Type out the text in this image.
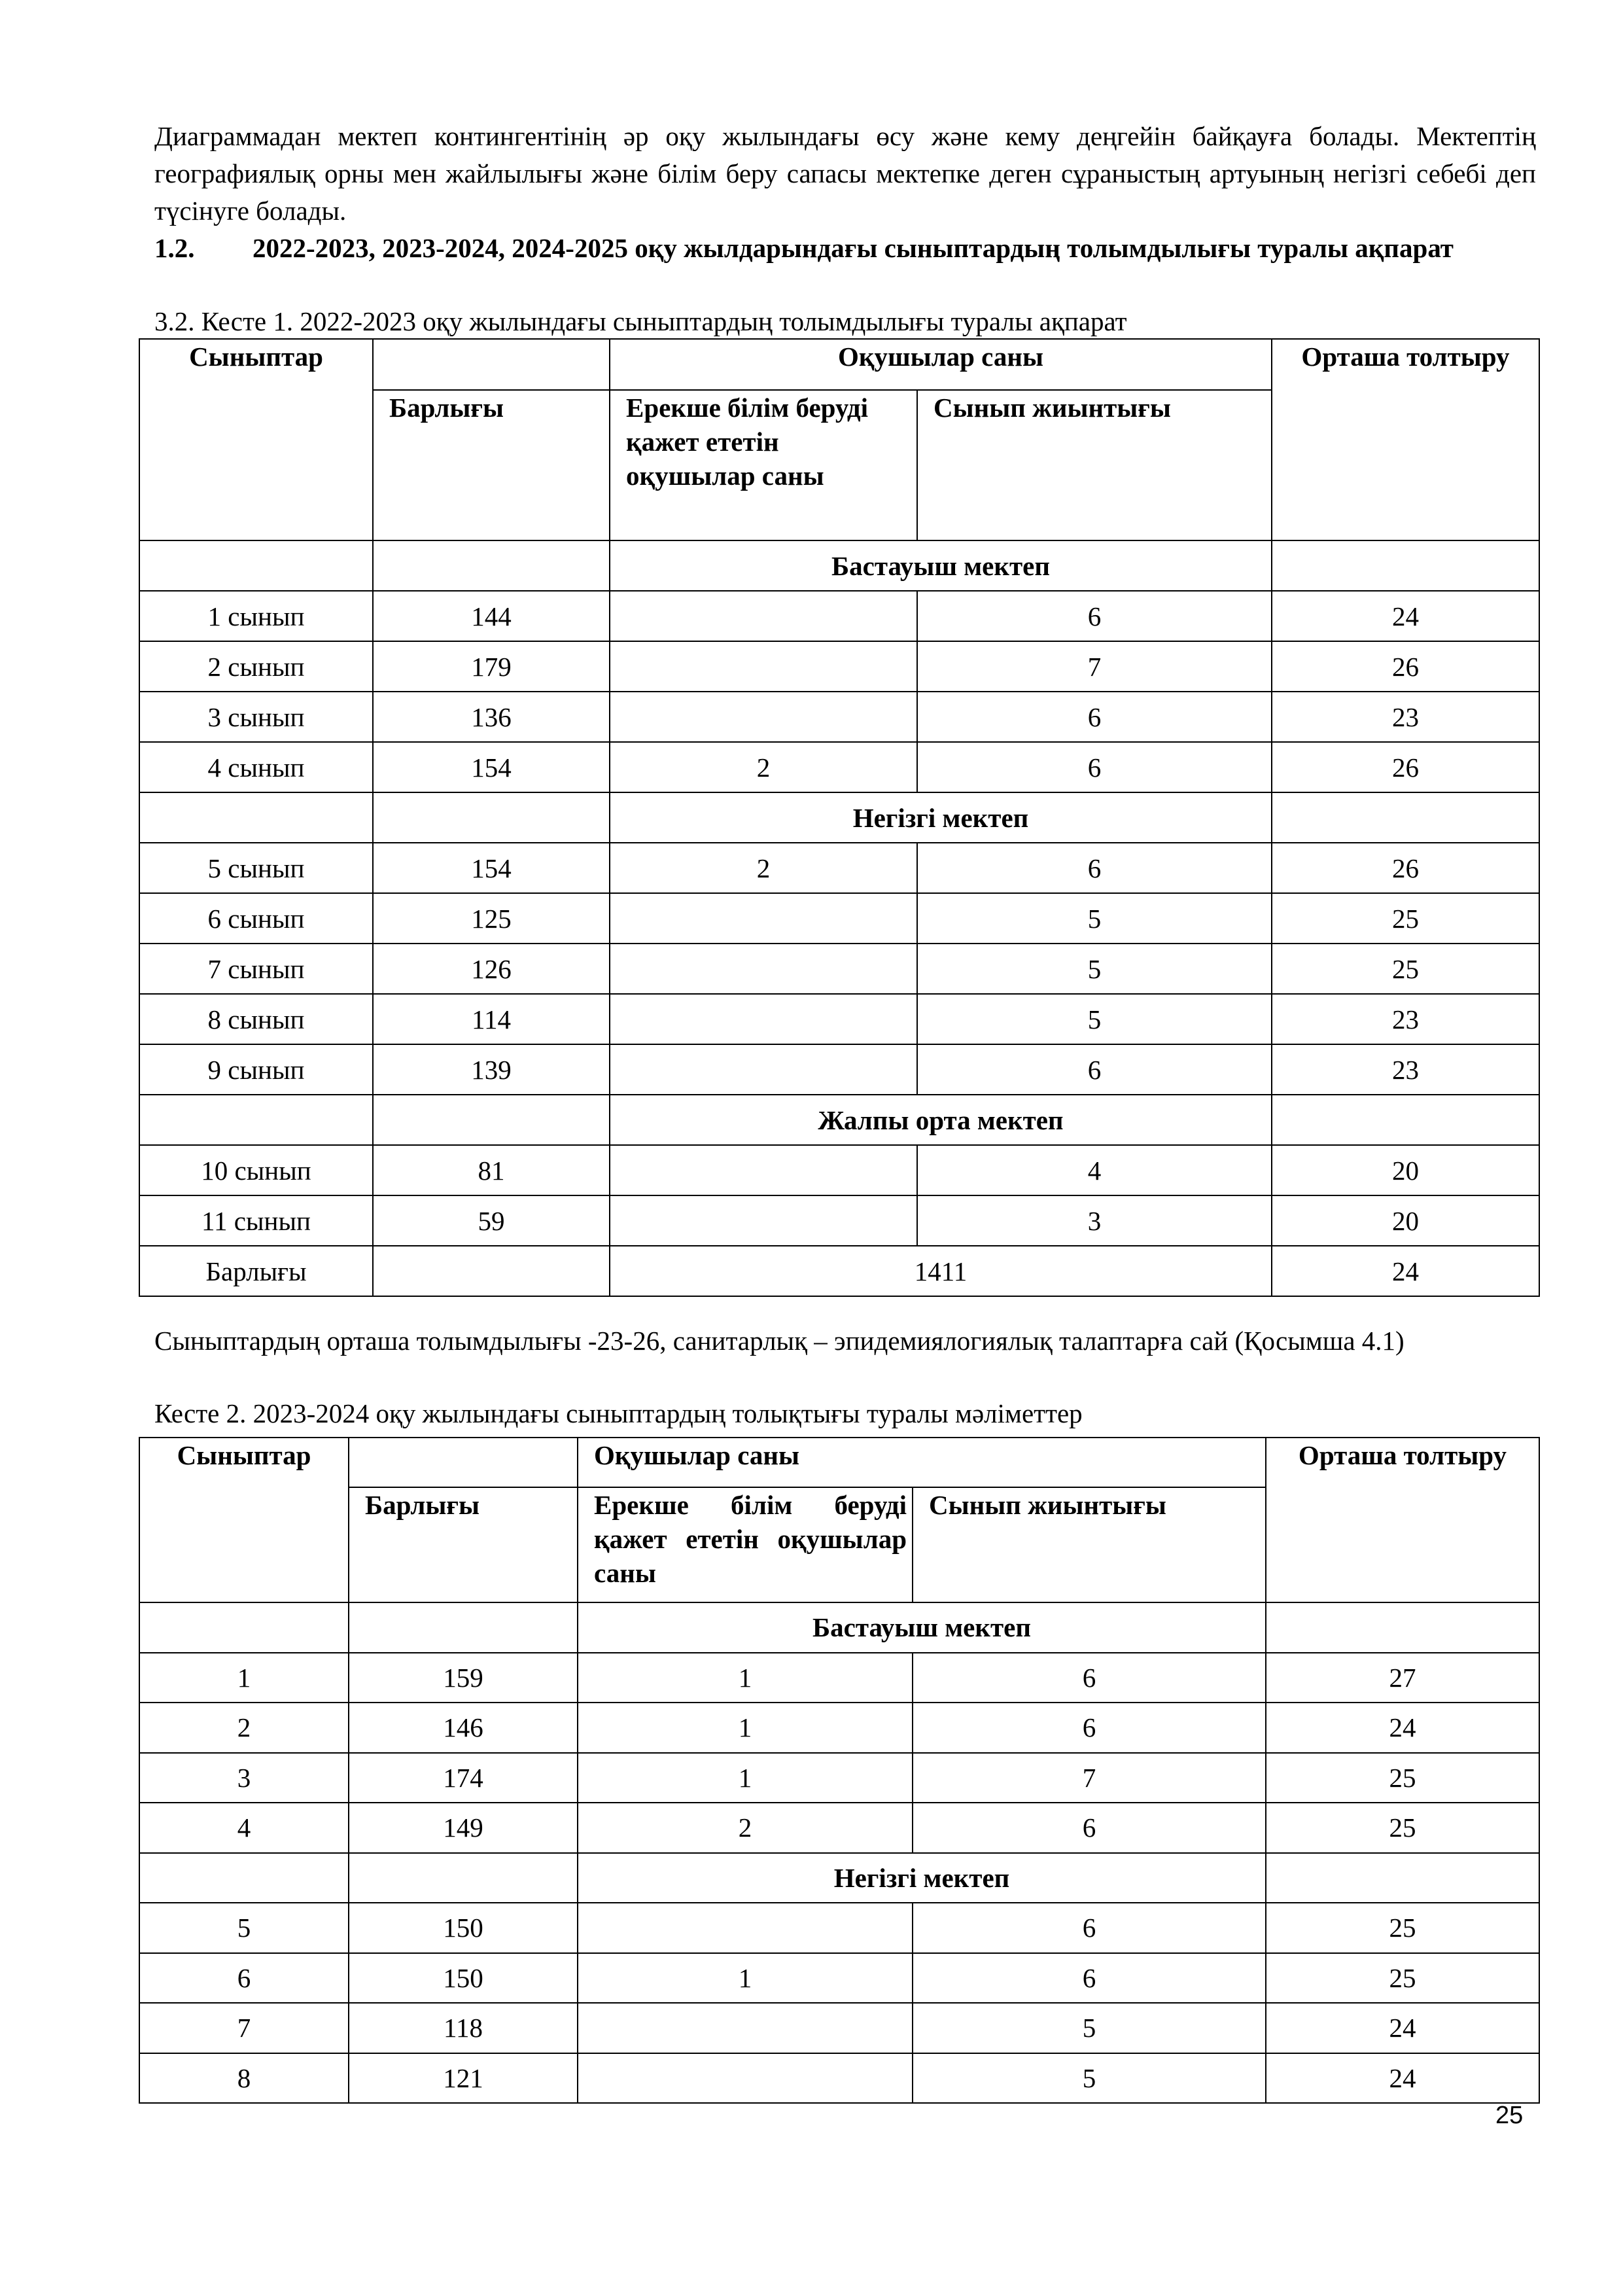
Диаграммадан мектеп контингентінің әр оқу жылындағы өсу және кему деңгейін байқауға болады. Мектептің географиялық орны мен жайлылығы және білім беру сапасы мектепке деген сұраныстың артуының негізгі себебі деп түсінуге болады.

1.2. 2022-2023, 2023-2024, 2024-2025 оқу жылдарындағы сыныптардың толымдылығы туралы ақпарат

3.2. Кесте 1. 2022-2023 оқу жылындағы сыныптардың толымдылығы туралы ақпарат

Сыныптар		Оқушылар саны		Орташа толтыру
	Барлығы	Ерекше білім беруді қажет ететін оқушылар саны	Сынып жиынтығы	
		Бастауыш мектеп		
1 сынып	144		6	24
2 сынып	179		7	26
3 сынып	136		6	23
4 сынып	154	2	6	26
		Негізгі мектеп		
5 сынып	154	2	6	26
6 сынып	125		5	25
7 сынып	126		5	25
8 сынып	114		5	23
9 сынып	139		6	23
		Жалпы орта мектеп		
10 сынып	81		4	20
11 сынып	59		3	20
Барлығы		1411		24

Сыныптардың орташа толымдылығы -23-26, санитарлық – эпидемиялогиялық талаптарға сай (Қосымша 4.1)

Кесте 2. 2023-2024 оқу жылындағы сыныптардың толықтығы туралы мәліметтер

Сыныптар		Оқушылар саны		Орташа толтыру
	Барлығы	Ерекше білім беруді қажет ететін оқушылар саны	Сынып жиынтығы	
		Бастауыш мектеп		
1	159	1	6	27
2	146	1	6	24
3	174	1	7	25
4	149	2	6	25
		Негізгі мектеп		
5	150		6	25
6	150	1	6	25
7	118		5	24
8	121		5	24
25
